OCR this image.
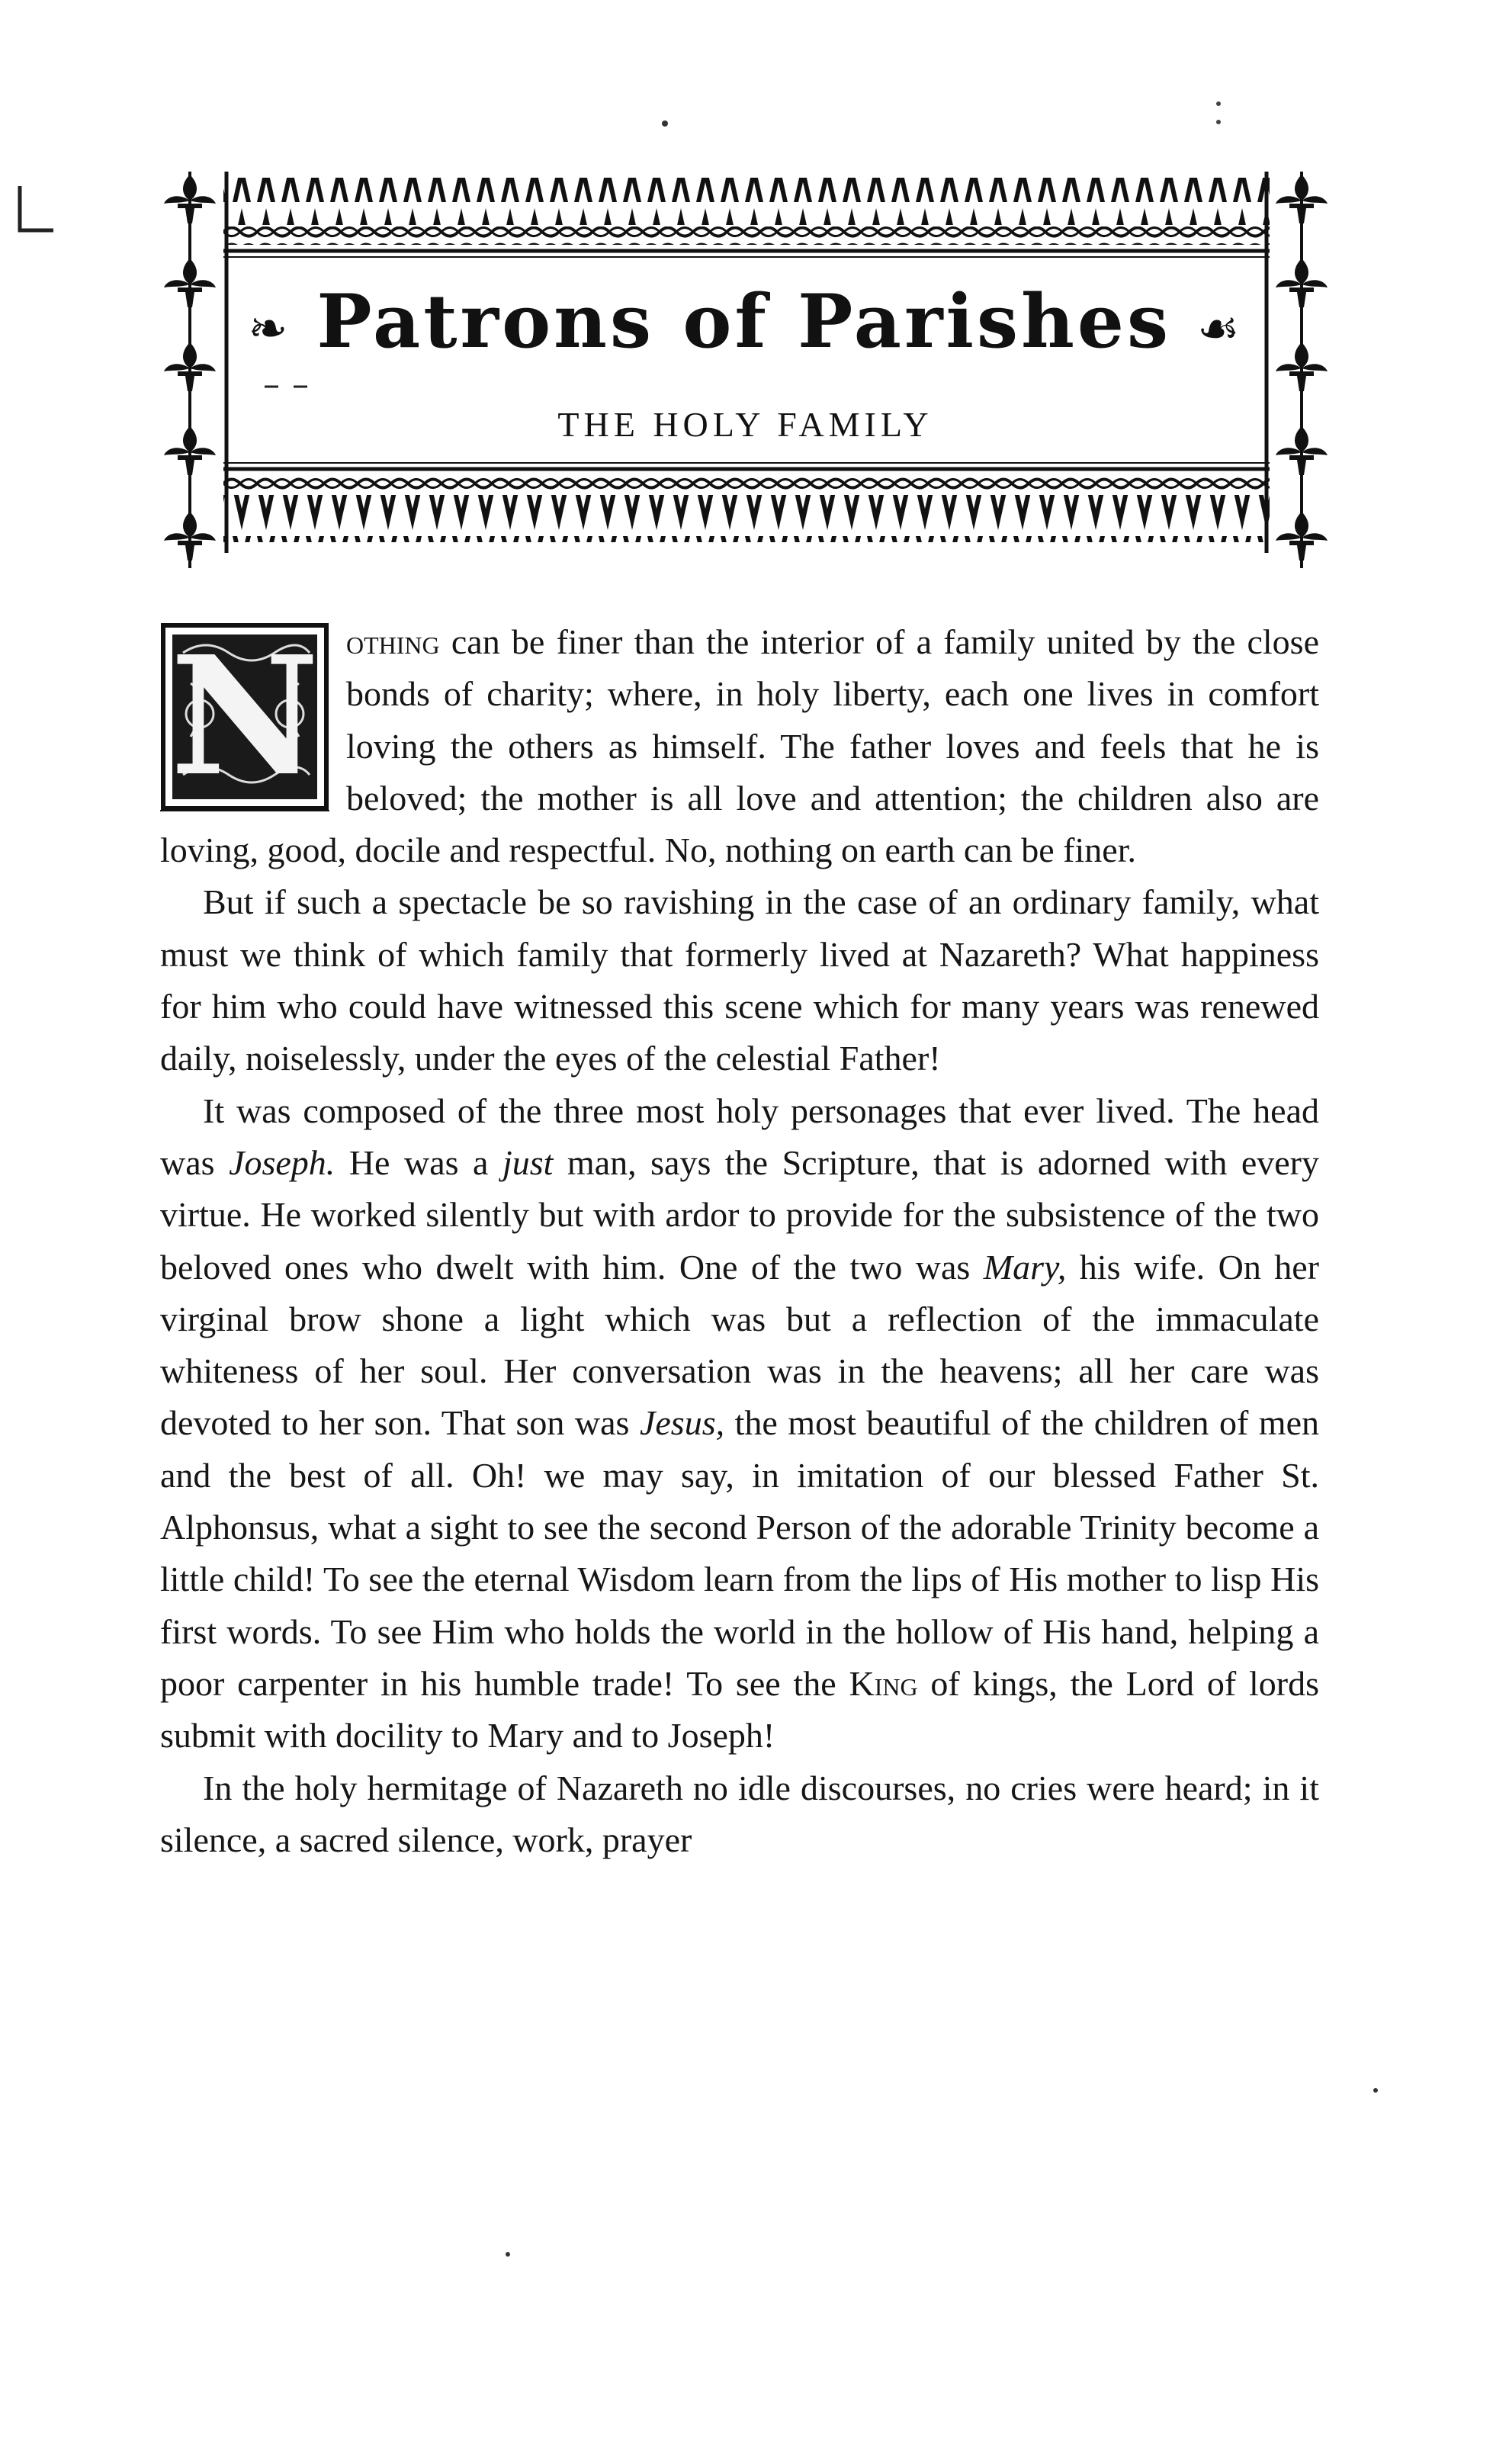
❧ Patrons of Parishes ☙
THE HOLY FAMILY

N othing can be finer than the interior of a family united by the close bonds of charity; where, in holy liberty, each one lives in comfort loving the others as himself. The father loves and feels that he is beloved; the mother is all love and attention; the children also are loving, good, docile and respectful. No, nothing on earth can be finer.

But if such a spectacle be so ravishing in the case of an ordinary family, what must we think of which family that formerly lived at Nazareth? What happiness for him who could have witnessed this scene which for many years was renewed daily, noiselessly, under the eyes of the celestial Father!

It was composed of the three most holy personages that ever lived. The head was Joseph. He was a just man, says the Scripture, that is adorned with every virtue. He worked silently but with ardor to provide for the subsistence of the two beloved ones who dwelt with him. One of the two was Mary, his wife. On her virginal brow shone a light which was but a reflection of the immaculate whiteness of her soul. Her conversation was in the heavens; all her care was devoted to her son. That son was Jesus, the most beautiful of the children of men and the best of all. Oh! we may say, in imitation of our blessed Father St. Alphonsus, what a sight to see the second Person of the adorable Trinity become a little child! To see the eternal Wisdom learn from the lips of His mother to lisp His first words. To see Him who holds the world in the hollow of His hand, helping a poor carpenter in his humble trade! To see the King of kings, the Lord of lords submit with docility to Mary and to Joseph!

In the holy hermitage of Nazareth no idle discourses, no cries were heard; in it silence, a sacred silence, work, prayer
